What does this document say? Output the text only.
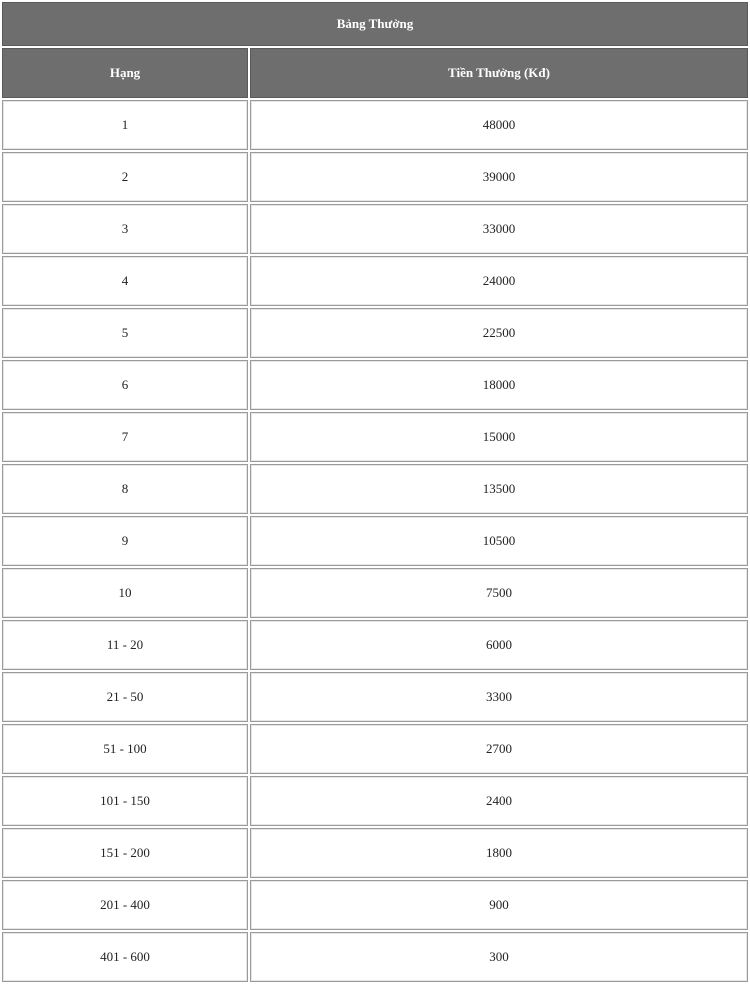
Bảng Thưởng	
Hạng	Tiền Thưởng (Kđ)
1	48000
2	39000
3	33000
4	24000
5	22500
6	18000
7	15000
8	13500
9	10500
10	7500
11 - 20	6000
21 - 50	3300
51 - 100	2700
101 - 150	2400
151 - 200	1800
201 - 400	900
401 - 600	300
